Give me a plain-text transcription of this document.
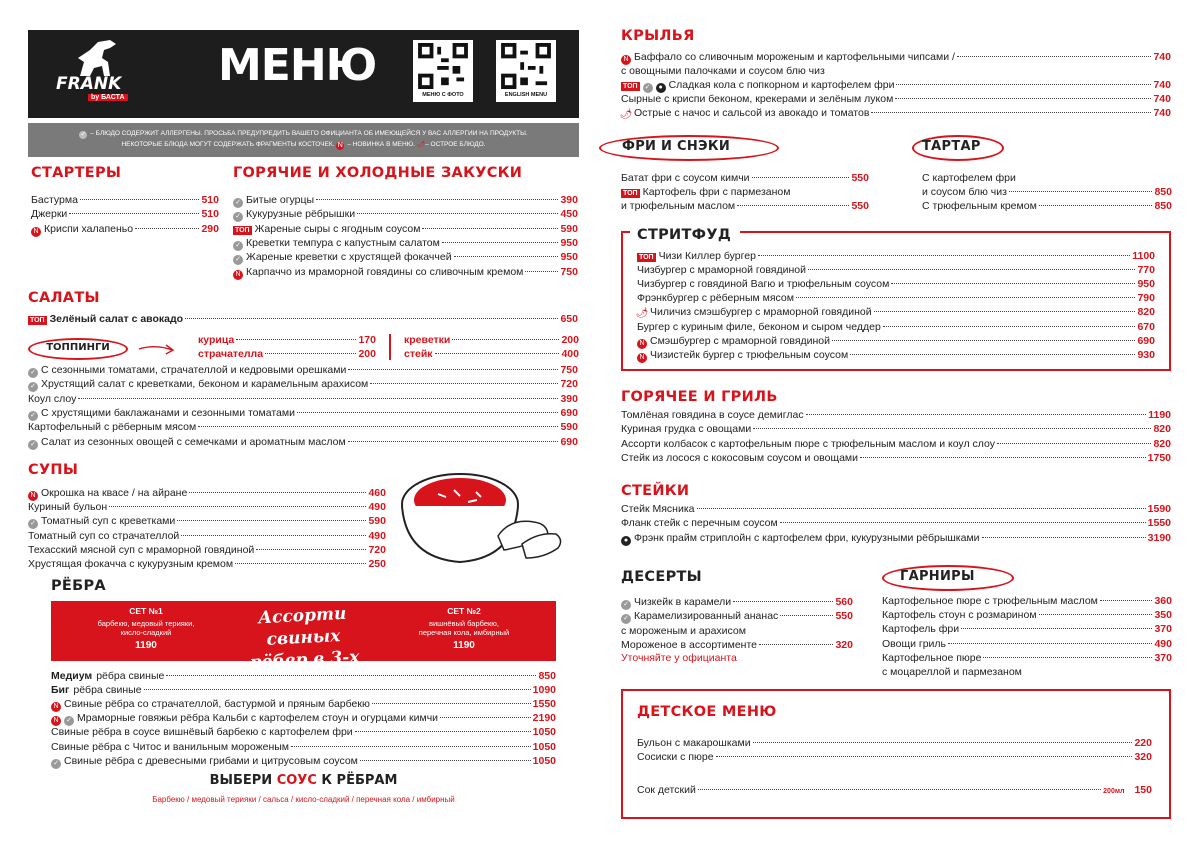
FRANK
by БАСТА
МЕНЮ
МЕНЮ С ФОТО	ENGLISH MENU
✓ – БЛЮДО СОДЕРЖИТ АЛЛЕРГЕНЫ. ПРОСЬБА ПРЕДУПРЕДИТЬ ВАШЕГО ОФИЦИАНТА ОБ ИМЕЮЩЕЙСЯ У ВАС АЛЛЕРГИИ НА ПРОДУКТЫ.
НЕКОТОРЫЕ БЛЮДА МОГУТ СОДЕРЖАТЬ ФРАГМЕНТЫ КОСТОЧЕК. N – НОВИНКА В МЕНЮ. 🌶– ОСТРОЕ БЛЮДО.
СТАРТЕРЫ
Бастурма	510
Джерки	510
N Криспи халапеньо	290
ГОРЯЧИЕ И ХОЛОДНЫЕ ЗАКУСКИ
✓ Битые огурцы	390
✓ Кукурузные рёбрышки	450
ТОП Жареные сыры с ягодным соусом	590
✓ Креветки темпура с капустным салатом	950
✓ Жареные креветки с хрустящей фокаччей	950
N Карпаччо из мраморной говядины со сливочным кремом	750
САЛАТЫ
ТОП Зелёный салат с авокадо	650
ТОППИНГИ
курица	170
страчателла	200
креветки	200
стейк	400
✓ С сезонными томатами, страчателлой и кедровыми орешками	750
✓ Хрустящий салат с креветками, беконом и карамельным арахисом	720
Коул слоу	390
✓ С хрустящими баклажанами и сезонными томатами	690
Картофельный с рёберным мясом	590
✓ Салат из сезонных овощей с семечками и ароматным маслом	690
СУПЫ
N Окрошка на квасе / на айране	460
Куриный бульон	490
✓ Томатный суп с креветками	590
Томатный суп со страчателлой	490
Техасский мясной суп с мраморной говядиной	720
Хрустящая фокачча с кукурузным кремом	250
РЁБРА
СЕТ №1
барбекю, медовый терияки,
кисло-сладкий
1190
Ассорти свиных
рёбер в 3-х соусах
СЕТ №2
вишнёвый барбекю,
перечная кола, имбирный
1190
Медиум рёбра свиные	850
Биг рёбра свиные	1090
N Свиные рёбра со страчателлой, бастурмой и пряным барбекю	1550
N	✓ Мраморные говяжьи рёбра Кальби с картофелем стоун и огурцами кимчи	2190
Свиные рёбра в соусе вишнёвый барбекю с картофелем фри	1050
Свиные рёбра с Читос и ванильным мороженым	1050
✓ Свиные рёбра с древесными грибами и цитрусовым соусом	1050
ВЫБЕРИ СОУС К РЁБРАМ
Барбекю / медовый терияки / сальса / кисло-сладкий / перечная кола / имбирный
КРЫЛЬЯ
N Баффало со сливочным мороженым и картофельными чипсами /	740
с овощными палочками и соусом блю чиз
ТОП ✓	● Сладкая кола с попкорном и картофелем фри	740
Сырные с криспи беконом, крекерами и зелёным луком	740
🌶 Острые с начос и сальсой из авокадо и томатов	740
ФРИ И СНЭКИ
Батат фри с соусом кимчи	550
ТОП Картофель фри с пармезаном
и трюфельным маслом	550
ТАРТАР
С картофелем фри
и соусом блю чиз	850
С трюфельным кремом	850
СТРИТФУД
ТОП Чизи Киллер бургер	1100
Чизбургер с мраморной говядиной	770
Чизбургер с говядиной Вагю и трюфельным соусом	950
Фрэнкбургер с рёберным мясом	790
🌶 Чиличиз смэшбургер с мраморной говядиной	820
Бургер с куриным филе, беконом и сыром чеддер	670
N Смэшбургер с мраморной говядиной	690
N Чизистейк бургер с трюфельным соусом	930
ГОРЯЧЕЕ И ГРИЛЬ
Томлёная говядина в соусе демиглас	1190
Куриная грудка с овощами	820
Ассорти колбасок с картофельным пюре с трюфельным маслом и коул слоу	820
Стейк из лосося с кокосовым соусом и овощами	1750
СТЕЙКИ
Стейк Мясника	1590
Фланк стейк с перечным соусом	1550
● Фрэнк прайм стриплойн с картофелем фри, кукурузными рёбрышками	3190
ДЕСЕРТЫ
✓ Чизкейк в карамели	560
✓ Карамелизированный ананас	550
с мороженым и арахисом
Мороженое в ассортименте	320
Уточняйте у официанта
ГАРНИРЫ
Картофельное пюре с трюфельным маслом	360
Картофель стоун с розмарином	350
Картофель фри	370
Овощи гриль	490
Картофельное пюре	370
с моцареллой и пармезаном
ДЕТСКОЕ МЕНЮ
Бульон с макарошками	220
Сосиски с пюре	320
Сок детский	200мл 150
